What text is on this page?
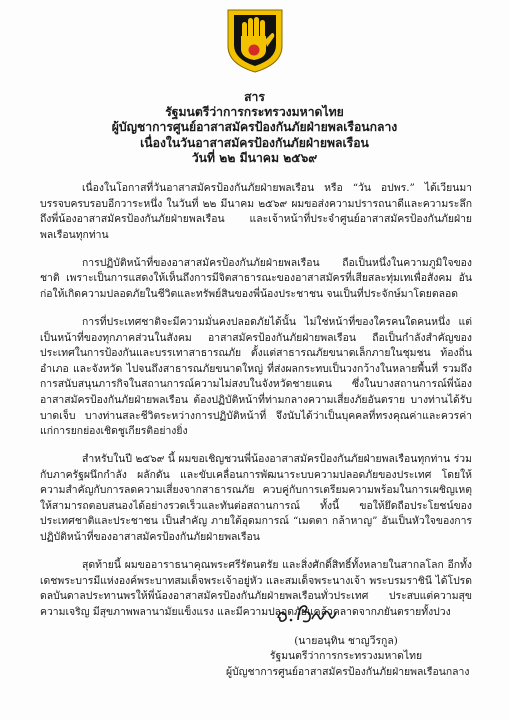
สาร
รัฐมนตรีว่าการกระทรวงมหาดไทย
ผู้บัญชาการศูนย์อาสาสมัครป้องกันภัยฝ่ายพลเรือนกลาง
เนื่องในวันอาสาสมัครป้องกันภัยฝ่ายพลเรือน
วันที่ ๒๒ มีนาคม ๒๕๖๙

เนื่องในโอกาสที่วันอาสาสมัครป้องกันภัยฝ่ายพลเรือน หรือ “วัน อปพร.” ได้เวียนมาบรรจบครบรอบอีกวาระหนึ่ง ในวันที่ ๒๒ มีนาคม ๒๕๖๙ ผมขอส่งความปรารถนาดีและความระลึกถึงพี่น้องอาสาสมัครป้องกันภัยฝ่ายพลเรือน และเจ้าหน้าที่ประจำศูนย์อาสาสมัครป้องกันภัยฝ่ายพลเรือนทุกท่าน

การปฏิบัติหน้าที่ของอาสาสมัครป้องกันภัยฝ่ายพลเรือน ถือเป็นหนึ่งในความภูมิใจของชาติ เพราะเป็นการแสดงให้เห็นถึงการมีจิตสาธารณะของอาสาสมัครที่เสียสละทุ่มเทเพื่อสังคม อันก่อให้เกิดความปลอดภัยในชีวิตและทรัพย์สินของพี่น้องประชาชน จนเป็นที่ประจักษ์มาโดยตลอด

การที่ประเทศชาติจะมีความมั่นคงปลอดภัยได้นั้น ไม่ใช่หน้าที่ของใครคนใดคนหนึ่ง แต่เป็นหน้าที่ของทุกภาคส่วนในสังคม อาสาสมัครป้องกันภัยฝ่ายพลเรือน ถือเป็นกำลังสำคัญของประเทศในการป้องกันและบรรเทาสาธารณภัย ตั้งแต่สาธารณภัยขนาดเล็กภายในชุมชน ท้องถิ่น อำเภอ และจังหวัด ไปจนถึงสาธารณภัยขนาดใหญ่ ที่ส่งผลกระทบเป็นวงกว้างในหลายพื้นที่ รวมถึงการสนับสนุนภารกิจในสถานการณ์ความไม่สงบในจังหวัดชายแดน ซึ่งในบางสถานการณ์พี่น้องอาสาสมัครป้องกันภัยฝ่ายพลเรือน ต้องปฏิบัติหน้าที่ท่ามกลางความเสี่ยงภัยอันตราย บางท่านได้รับบาดเจ็บ บางท่านสละชีวิตระหว่างการปฏิบัติหน้าที่ จึงนับได้ว่าเป็นบุคคลที่ทรงคุณค่าและควรค่าแก่การยกย่องเชิดชูเกียรติอย่างยิ่ง

สำหรับในปี ๒๕๖๙ นี้ ผมขอเชิญชวนพี่น้องอาสาสมัครป้องกันภัยฝ่ายพลเรือนทุกท่าน ร่วมกับภาครัฐผนึกกำลัง ผลักดัน และขับเคลื่อนการพัฒนาระบบความปลอดภัยของประเทศ โดยให้ความสำคัญกับการลดความเสี่ยงจากสาธารณภัย ควบคู่กับการเตรียมความพร้อมในการเผชิญเหตุ ให้สามารถตอบสนองได้อย่างรวดเร็วและทันต่อสถานการณ์ ทั้งนี้ ขอให้ยึดถือประโยชน์ของประเทศชาติและประชาชน เป็นสำคัญ ภายใต้อุดมการณ์ “เมตตา กล้าหาญ” อันเป็นหัวใจของการปฏิบัติหน้าที่ของอาสาสมัครป้องกันภัยฝ่ายพลเรือน

สุดท้ายนี้ ผมขออาราธนาคุณพระศรีรัตนตรัย และสิ่งศักดิ์สิทธิ์ทั้งหลายในสากลโลก อีกทั้งเดชพระบารมีแห่งองค์พระบาทสมเด็จพระเจ้าอยู่หัว และสมเด็จพระนางเจ้า พระบรมราชินี ได้โปรดดลบันดาลประทานพรให้พี่น้องอาสาสมัครป้องกันภัยฝ่ายพลเรือนทั่วประเทศ ประสบแต่ความสุข ความเจริญ มีสุขภาพพลานามัยแข็งแรง และมีความปลอดภัยแคล้วคลาดจากภยันตรายทั้งปวง

(นายอนุทิน ชาญวีรกูล)
รัฐมนตรีว่าการกระทรวงมหาดไทย
ผู้บัญชาการศูนย์อาสาสมัครป้องกันภัยฝ่ายพลเรือนกลาง
